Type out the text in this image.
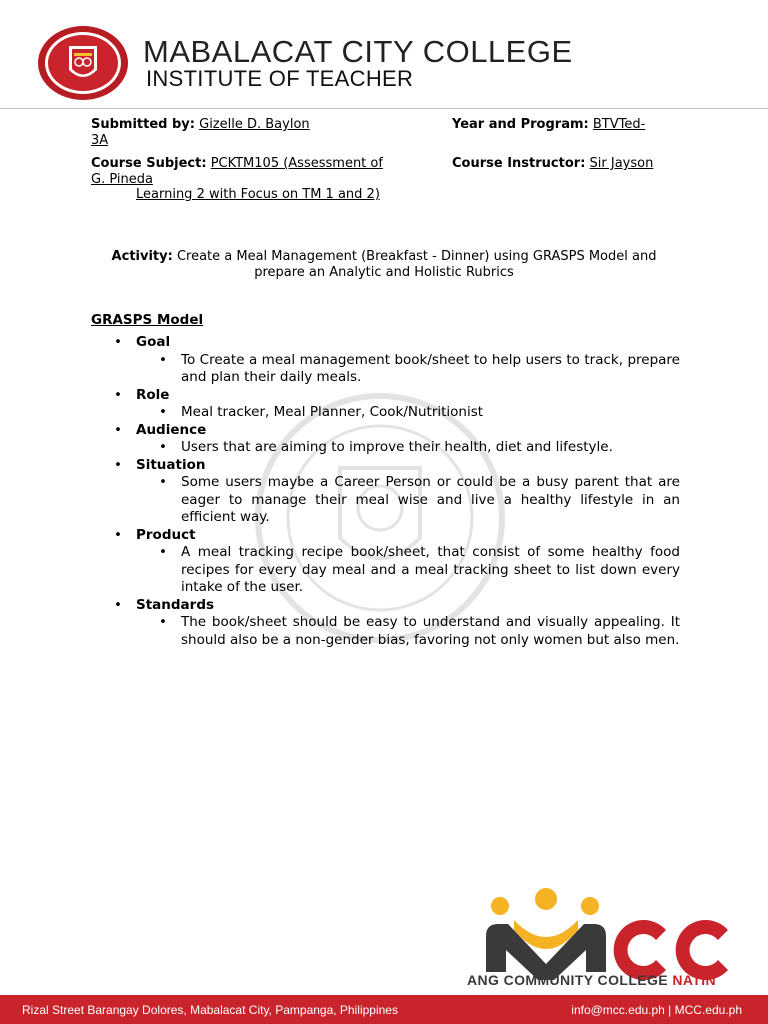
MABALACAT CITY COLLEGE
INSTITUTE OF TEACHER
Submitted by: Gizelle D. Baylon
3A
Year and Program: BTVTed-
Course Subject: PCKTM105 (Assessment of
G. Pineda
Learning 2 with Focus on TM 1 and 2)
Course Instructor: Sir Jayson
Activity: Create a Meal Management (Breakfast - Dinner) using GRASPS Model and prepare an Analytic and Holistic Rubrics
GRASPS Model
• Goal
• To Create a meal management book/sheet to help users to track, prepare and plan their daily meals.
• Role
• Meal tracker, Meal Planner, Cook/Nutritionist
• Audience
• Users that are aiming to improve their health, diet and lifestyle.
• Situation
• Some users maybe a Career Person or could be a busy parent that are eager to manage their meal wise and live a healthy lifestyle in an efficient way.
• Product
• A meal tracking recipe book/sheet, that consist of some healthy food recipes for every day meal and a meal tracking sheet to list down every intake of the user.
• Standards
• The book/sheet should be easy to understand and visually appealing. It should also be a non-gender bias, favoring not only women but also men.
ANG COMMUNITY COLLEGE NATIN
Rizal Street Barangay Dolores, Mabalacat City, Pampanga, Philippines	info@mcc.edu.ph | MCC.edu.ph
